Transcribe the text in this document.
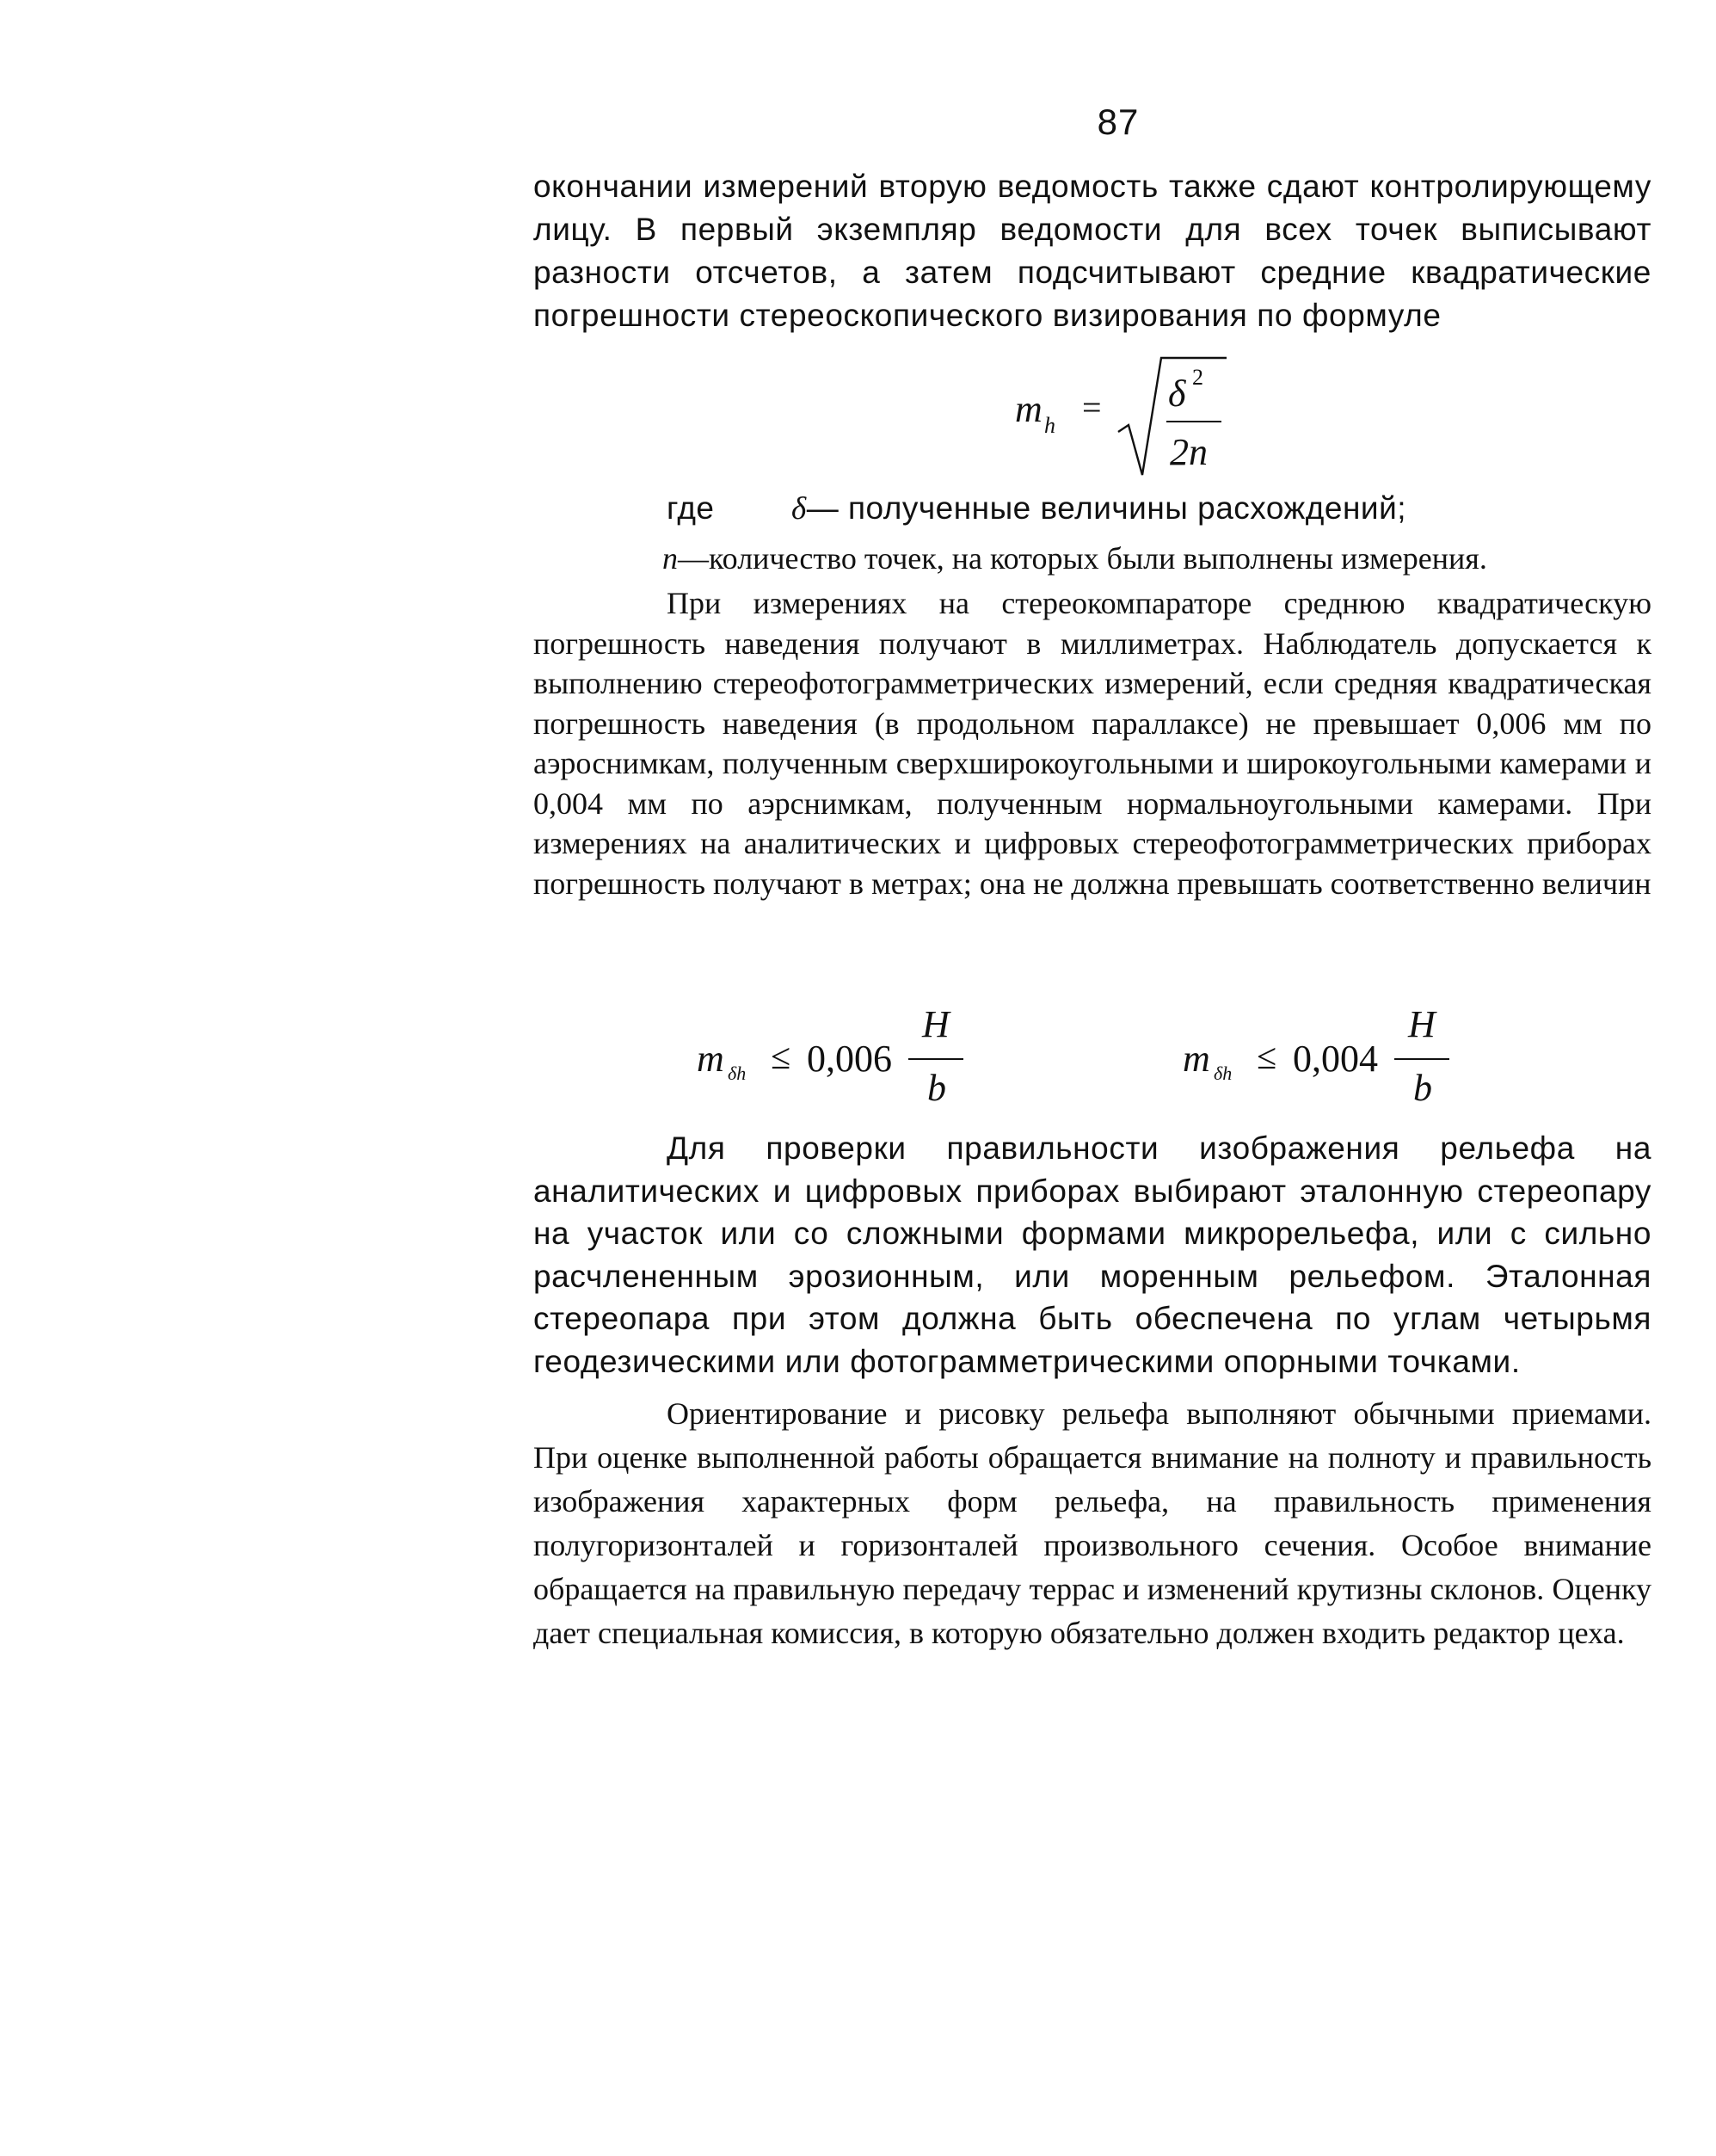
87

окончании измерений вторую ведомость также сдают контролирующему лицу. В первый экземпляр ведомости для всех точек выписывают разности отсчетов, а затем подсчитывают средние квадратические погрешности стереоскопического визирования по формуле

m h = δ 2
2n
где δ— полученные величины расхождений;
n—количество точек, на которых были выполнены измерения.

При измерениях на стереокомпараторе среднюю квадратическую погрешность наведения получают в миллиметрах. Наблюдатель допускается к выполнению стереофотограмметрических измерений, если средняя квадратическая погрешность наведения (в продольном параллаксе) не превышает 0,006 мм по аэроснимкам, полученным сверхширокоугольными и широкоугольными камерами и 0,004 мм по аэрснимкам, полученным нормальноугольными камерами. При измерениях на аналитических и цифровых стереофотограмметрических приборах погрешность получают в метрах; она не должна превышать соответственно величин

m δh ≤ 0,006
H
b
m δh ≤ 0,004
H
b

Для проверки правильности изображения рельефа на аналитических и цифровых приборах выбирают эталонную стереопару на участок или со сложными формами микрорельефа, или с сильно расчлененным эрозионным, или моренным рельефом. Эталонная стереопара при этом должна быть обеспечена по углам четырьмя геодезическими или фотограмметрическими опорными точками.

Ориентирование и рисовку рельефа выполняют обычными приемами. При оценке выполненной работы обращается внимание на полноту и правильность изображения характерных форм рельефа, на правильность применения полугоризонталей и горизонталей произвольного сечения. Особое внимание обращается на правильную передачу террас и изменений крутизны склонов. Оценку дает специальная комиссия, в которую обязательно должен входить редактор цеха.
